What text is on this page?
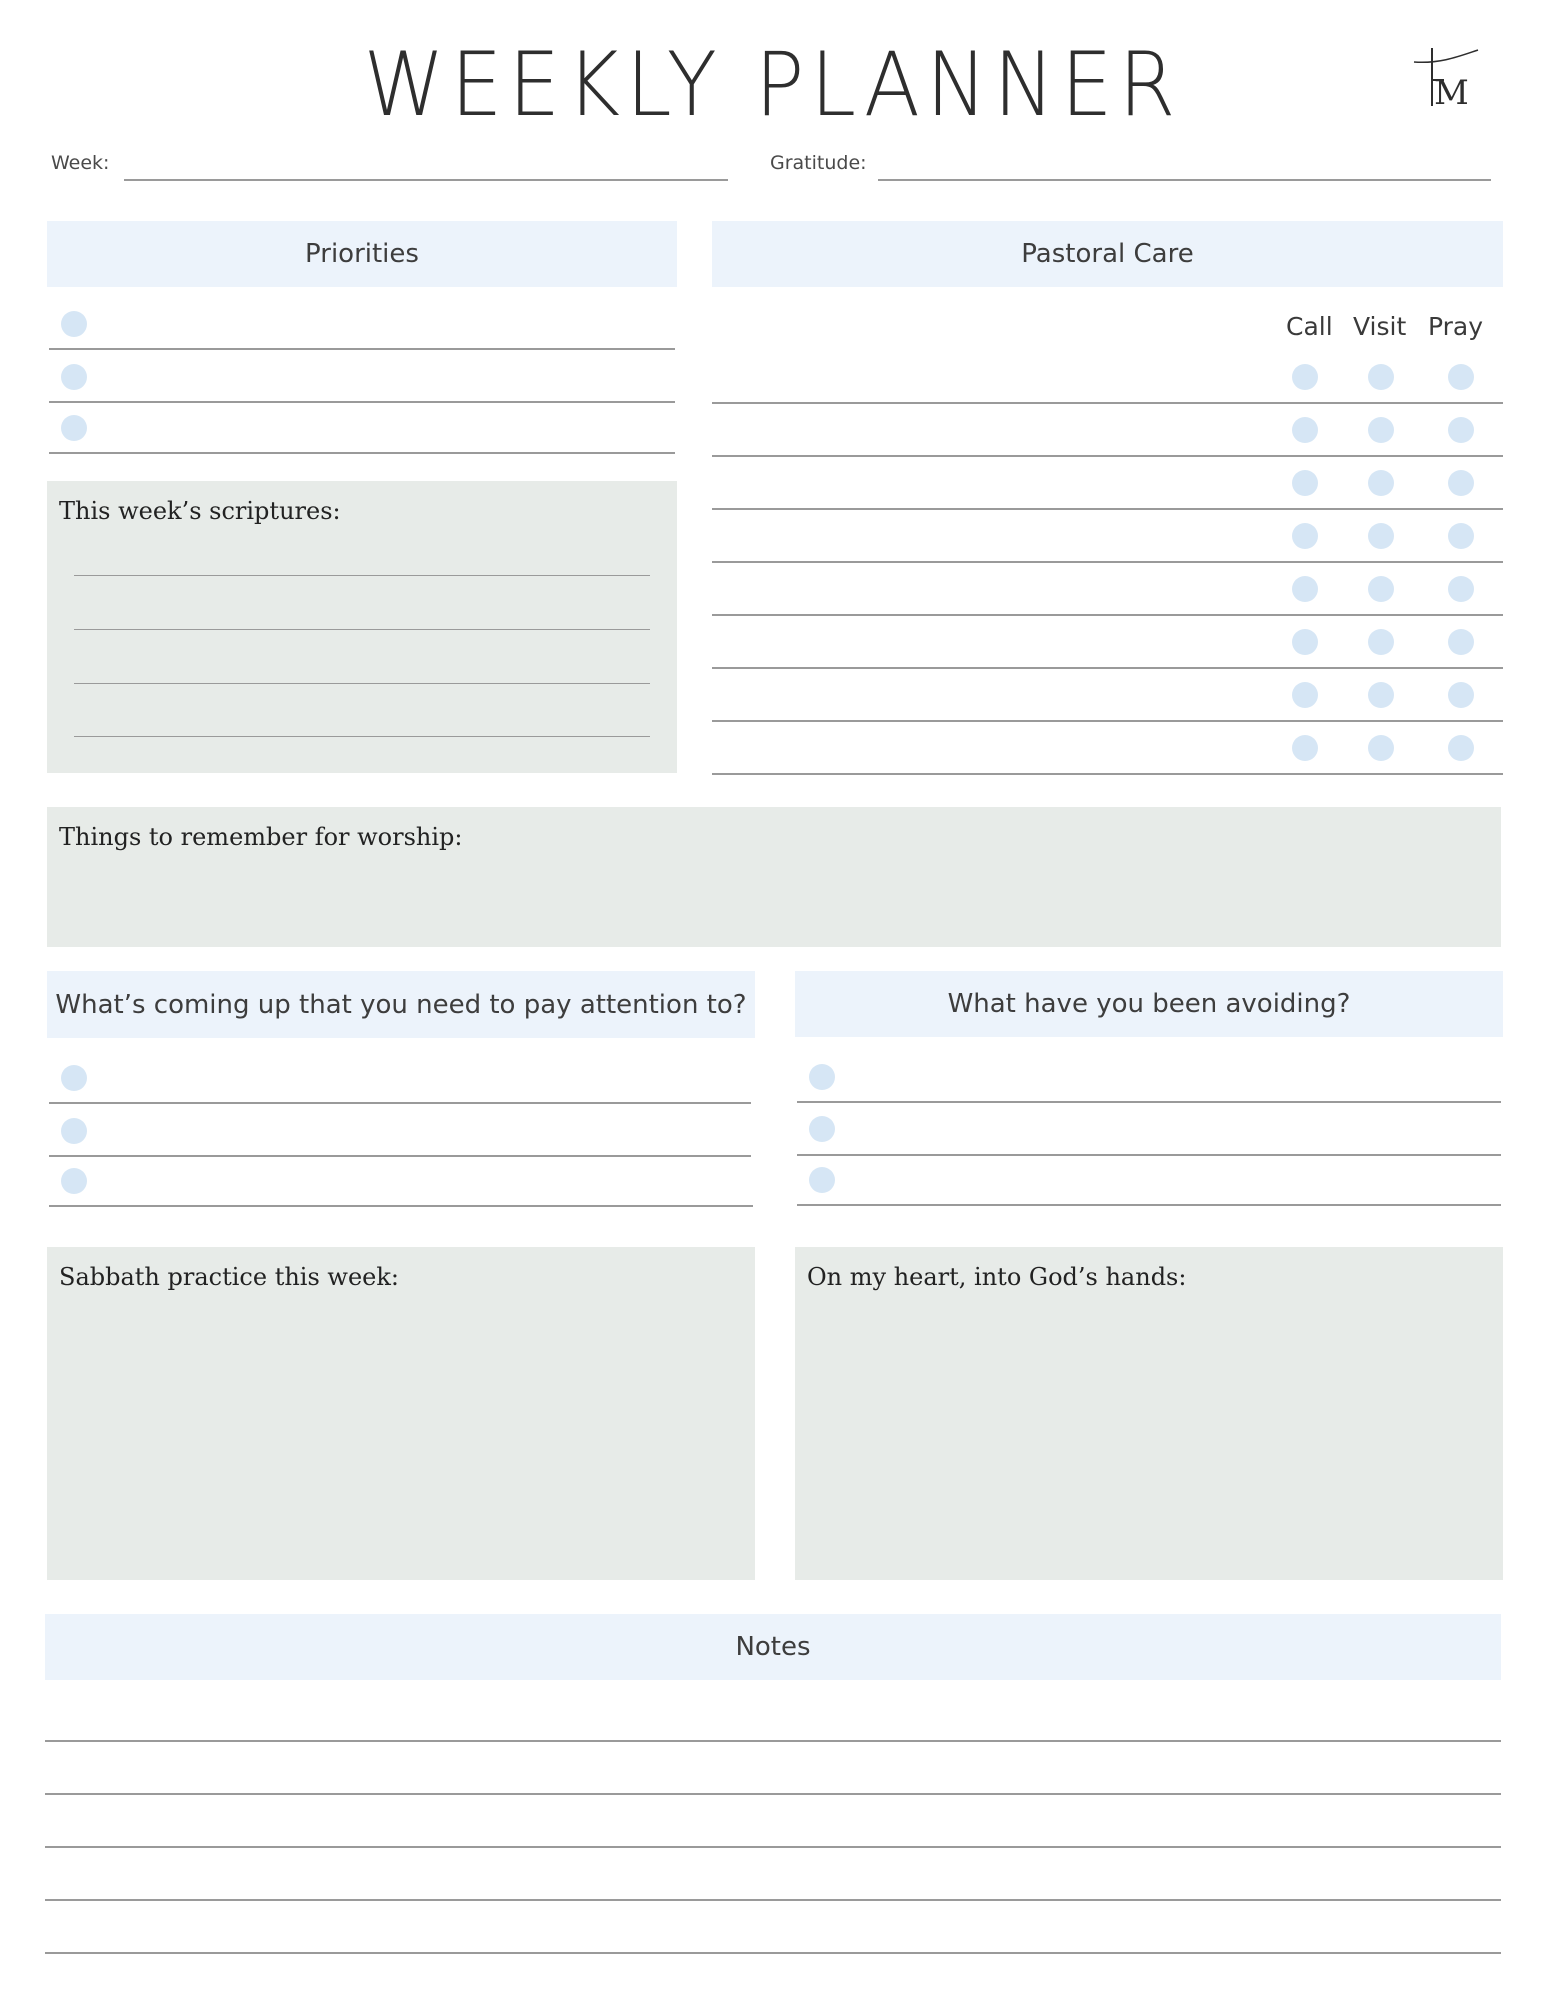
WEEKLY PLANNER	M
Week:	Gratitude:
Priorities
This week’s scriptures:
Pastoral Care
Call Visit Pray
Things to remember for worship:
What’s coming up that you need to pay attention to?	What have you been avoiding?
Sabbath practice this week:	On my heart, into God’s hands:
Notes
